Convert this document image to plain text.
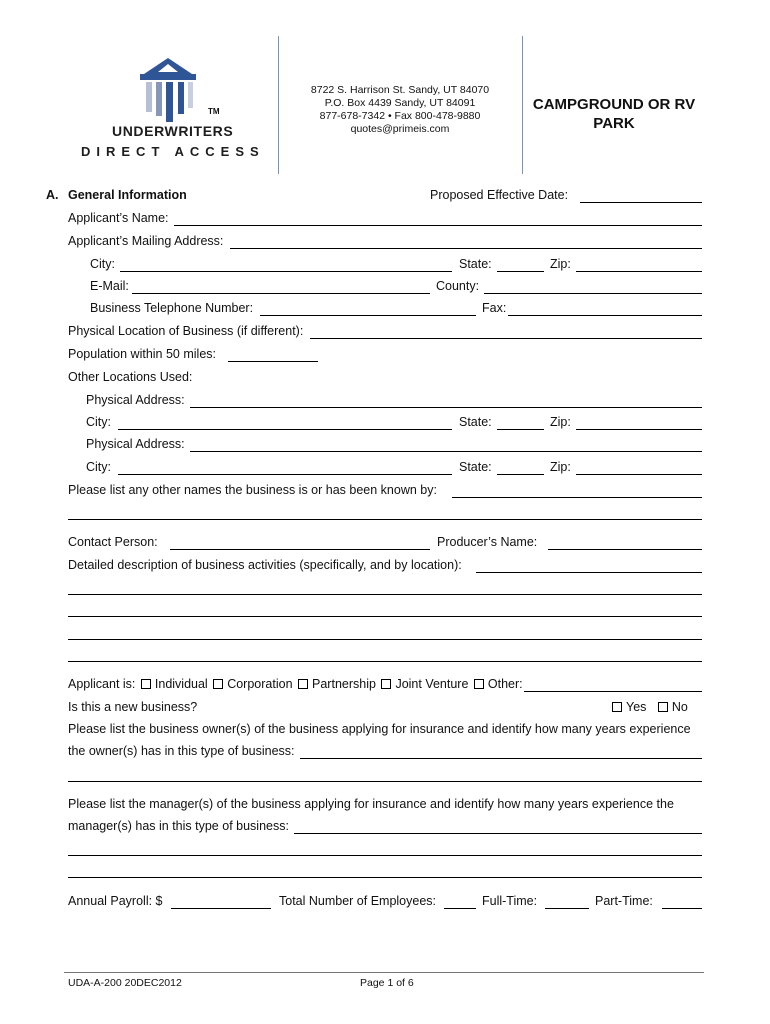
TM
UNDERWRITERS
DIRECT ACCESS
8722 S. Harrison St. Sandy, UT 84070
P.O. Box 4439 Sandy, UT 84091
877-678-7342 • Fax 800-478-9880
quotes@primeis.com
CAMPGROUND OR RV
PARK
A. General Information	Proposed Effective Date:
Applicant’s Name:
Applicant’s Mailing Address:
City:	State:	Zip:
E-Mail:	County:
Business Telephone Number:	Fax:
Physical Location of Business (if different):
Population within 50 miles:
Other Locations Used:
Physical Address:
City:	State:	Zip:
Physical Address:
City:	State:	Zip:
Please list any other names the business is or has been known by:
Contact Person:	Producer’s Name:
Detailed description of business activities (specifically, and by location):
Applicant is: Individual Corporation Partnership Joint Venture Other:
Is this a new business?	Yes No
Please list the business owner(s) of the business applying for insurance and identify how many years experience
the owner(s) has in this type of business:
Please list the manager(s) of the business applying for insurance and identify how many years experience the
manager(s) has in this type of business:
Annual Payroll: $	Total Number of Employees:	Full-Time:	Part-Time:
UDA-A-200 20DEC2012	Page 1 of 6
